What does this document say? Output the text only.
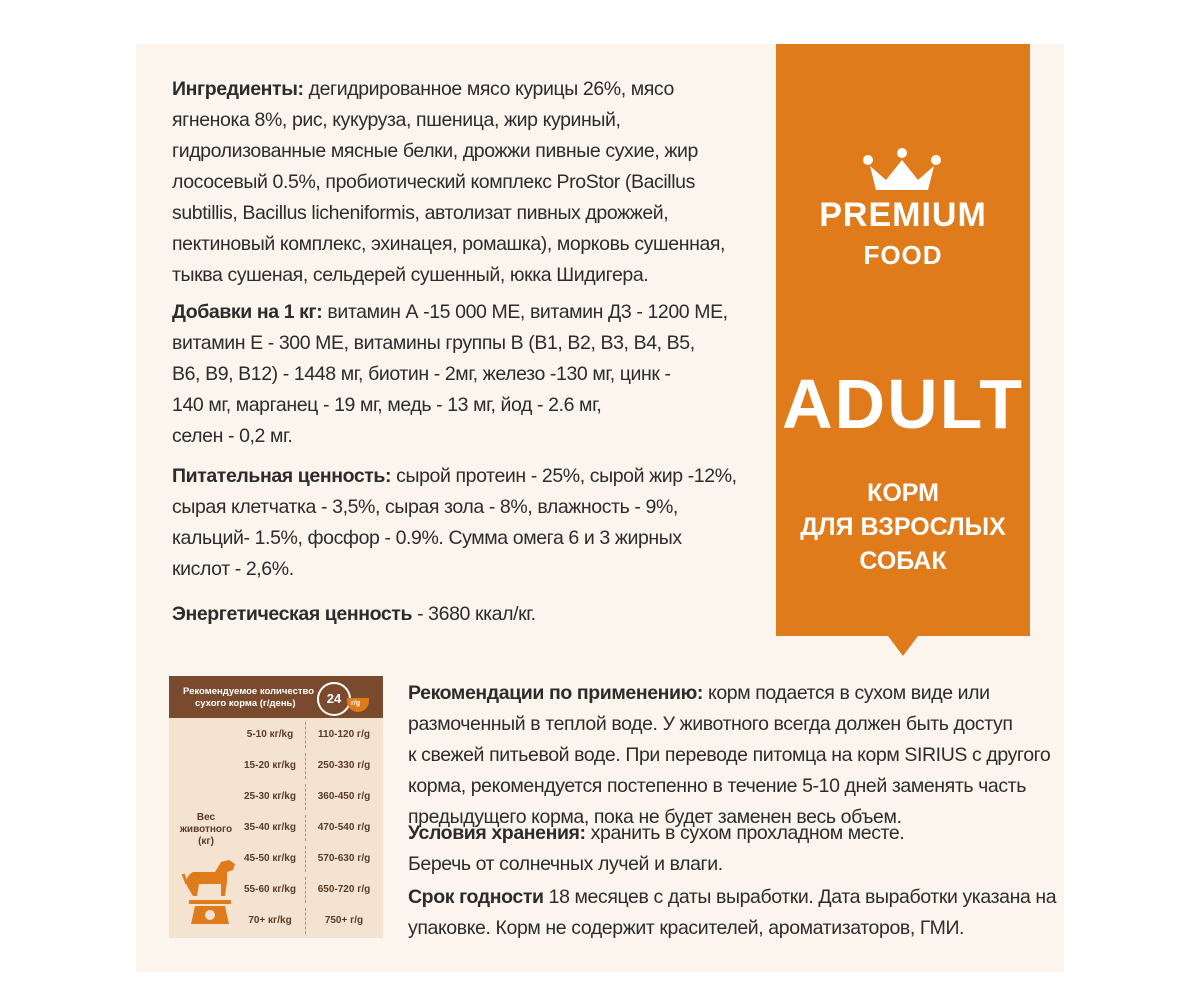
Ингредиенты: дегидрированное мясо курицы 26%, мясо
ягненока 8%, рис, кукуруза, пшеница, жир куриный,
гидролизованные мясные белки, дрожжи пивные сухие, жир
лососевый 0.5%, пробиотический комплекс ProStor (Bacillus
subtillis, Bacillus licheniformis, автолизат пивных дрожжей,
пектиновый комплекс, эхинацея, ромашка), морковь сушенная,
тыква сушеная, сельдерей сушенный, юкка Шидигера.
Добавки на 1 кг: витамин А -15 000 МЕ, витамин Д3 - 1200 МЕ,
витамин Е - 300 МЕ, витамины группы В (В1, В2, В3, В4, В5,
В6, В9, В12) - 1448 мг, биотин - 2мг, железо -130 мг, цинк -
140 мг, марганец - 19 мг, медь - 13 мг, йод - 2.6 мг,
селен - 0,2 мг.
Питательная ценность: сырой протеин - 25%, сырой жир -12%,
сырая клетчатка - 3,5%, сырая зола - 8%, влажность - 9%,
кальций- 1.5%, фосфор - 0.9%. Сумма омега 6 и 3 жирных
кислот - 2,6%.
Энергетическая ценность - 3680 ккал/кг.
PREMIUM
FOOD
ADULT
КОРМ
ДЛЯ ВЗРОСЛЫХ
СОБАК
Рекомендуемое количество
сухого корма (г/день)	24	г/g
Вес
животного
(кг)
5-10 кг/kg	110-120 г/g
15-20 кг/kg	250-330 г/g
25-30 кг/kg	360-450 г/g
35-40 кг/kg	470-540 г/g
45-50 кг/kg	570-630 г/g
55-60 кг/kg	650-720 г/g
70+ кг/kg	750+ г/g
Рекомендации по применению: корм подается в сухом виде или
размоченный в теплой воде. У животного всегда должен быть доступ
к свежей питьевой воде. При переводе питомца на корм SIRIUS с другого
корма, рекомендуется постепенно в течение 5-10 дней заменять часть
предыдущего корма, пока не будет заменен весь объем.
Условия хранения: хранить в сухом прохладном месте.
Беречь от солнечных лучей и влаги.
Срок годности 18 месяцев с даты выработки. Дата выработки указана на
упаковке. Корм не содержит красителей, ароматизаторов, ГМИ.
